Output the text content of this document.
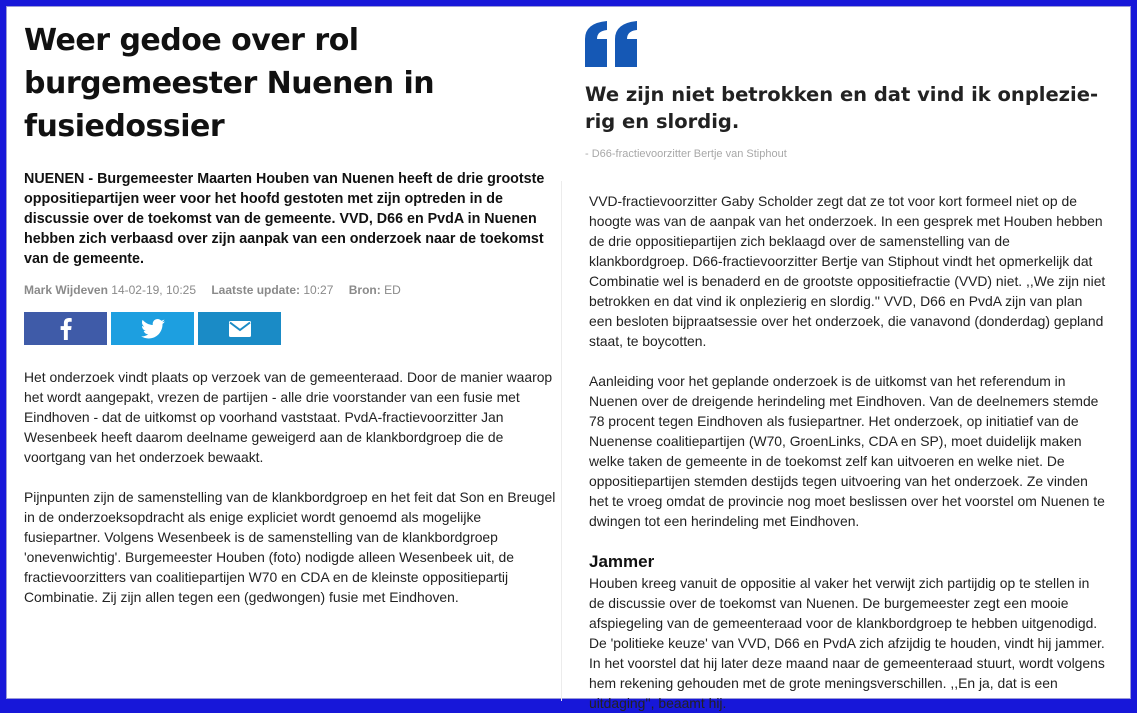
Weer gedoe over rol burgemeester Nuenen in fusiedossier

NUENEN - Burgemeester Maarten Houben van Nuenen heeft de drie grootste oppositiepartijen weer voor het hoofd gestoten met zijn optreden in de discussie over de toekomst van de gemeente. VVD, D66 en PvdA in Nuenen hebben zich verbaasd over zijn aanpak van een onderzoek naar de toekomst van de gemeente.

Mark Wijdeven 14-02-19, 10:25 Laatste update: 10:27 Bron: ED

Het onderzoek vindt plaats op verzoek van de gemeenteraad. Door de manier waarop het wordt aangepakt, vrezen de partijen - alle drie voorstander van een fusie met Eindhoven - dat de uitkomst op voorhand vaststaat. PvdA-fractievoorzitter Jan Wesenbeek heeft daarom deelname geweigerd aan de klankbordgroep die de voortgang van het onderzoek bewaakt.

Pijnpunten zijn de samenstelling van de klankbordgroep en het feit dat Son en Breugel in de onderzoeksopdracht als enige expliciet wordt genoemd als mogelijke fusiepartner. Volgens Wesenbeek is de samenstelling van de klankbordgroep 'onevenwichtig'. Burgemeester Houben (foto) nodigde alleen Wesenbeek uit, de fractievoorzitters van coalitiepartijen W70 en CDA en de kleinste oppositiepartij Combinatie. Zij zijn allen tegen een (gedwongen) fusie met Eindhoven.

We zijn niet betrokken en dat vind ik onplezie-rig en slordig.

- D66-fractievoorzitter Bertje van Stiphout

VVD-fractievoorzitter Gaby Scholder zegt dat ze tot voor kort formeel niet op de hoogte was van de aanpak van het onderzoek. In een gesprek met Houben hebben de drie oppositiepartijen zich beklaagd over de samenstelling van de klankbordgroep. D66-fractievoorzitter Bertje van Stiphout vindt het opmerkelijk dat Combinatie wel is benaderd en de grootste oppositiefractie (VVD) niet. ,,We zijn niet betrokken en dat vind ik onplezierig en slordig.'' VVD, D66 en PvdA zijn van plan een besloten bijpraatsessie over het onderzoek, die vanavond (donderdag) gepland staat, te boycotten.

Aanleiding voor het geplande onderzoek is de uitkomst van het referendum in Nuenen over de dreigende herindeling met Eindhoven. Van de deelnemers stemde 78 procent tegen Eindhoven als fusiepartner. Het onderzoek, op initiatief van de Nuenense coalitiepartijen (W70, GroenLinks, CDA en SP), moet duidelijk maken welke taken de gemeente in de toekomst zelf kan uitvoeren en welke niet. De oppositiepartijen stemden destijds tegen uitvoering van het onderzoek. Ze vinden het te vroeg omdat de provincie nog moet beslissen over het voorstel om Nuenen te dwingen tot een herindeling met Eindhoven.

Jammer

Houben kreeg vanuit de oppositie al vaker het verwijt zich partijdig op te stellen in de discussie over de toekomst van Nuenen. De burgemeester zegt een mooie afspiegeling van de gemeenteraad voor de klankbordgroep te hebben uitgenodigd. De 'politieke keuze' van VVD, D66 en PvdA zich afzijdig te houden, vindt hij jammer. In het voorstel dat hij later deze maand naar de gemeenteraad stuurt, wordt volgens hem rekening gehouden met de grote meningsverschillen. ,,En ja, dat is een uitdaging'', beaamt hij.
